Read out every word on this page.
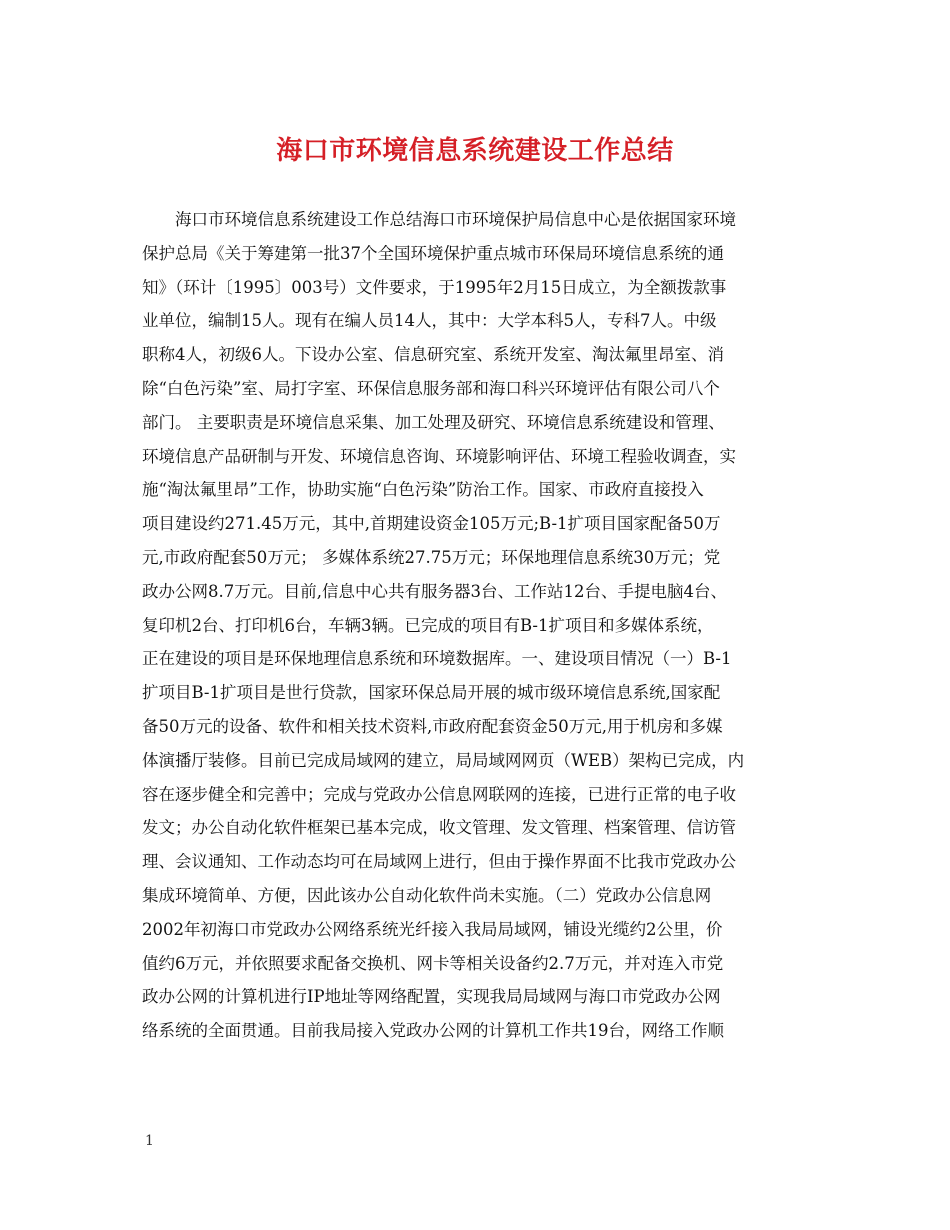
海口市环境信息系统建设工作总结
海口市环境信息系统建设工作总结海口市环境保护局信息中心是依据国家环境
保护总局《关于筹建第一批37个全国环境保护重点城市环保局环境信息系统的通
知》（环计〔1995〕003号）文件要求，于1995年2月15日成立，为全额拨款事
业单位，编制15人。现有在编人员14人，其中：大学本科5人，专科7人。中级
职称4人，初级6人。下设办公室、信息研究室、系统开发室、淘汰氟里昂室、消
除“白色污染”室、局打字室、环保信息服务部和海口科兴环境评估有限公司八个
部门。 主要职责是环境信息采集、加工处理及研究、环境信息系统建设和管理、
环境信息产品研制与开发、环境信息咨询、环境影响评估、环境工程验收调查，实
施“淘汰氟里昂”工作，协助实施“白色污染”防治工作。国家、市政府直接投入
项目建设约271.45万元，其中,首期建设资金105万元;B-1扩项目国家配备50万
元,市政府配套50万元； 多媒体系统27.75万元；环保地理信息系统30万元；党
政办公网8.7万元。目前,信息中心共有服务器3台、工作站12台、手提电脑4台、
复印机2台、打印机6台，车辆3辆。已完成的项目有B-1扩项目和多媒体系统，
正在建设的项目是环保地理信息系统和环境数据库。一、建设项目情况（一）B-1
扩项目B-1扩项目是世行贷款，国家环保总局开展的城市级环境信息系统,国家配
备50万元的设备、软件和相关技术资料,市政府配套资金50万元,用于机房和多媒
体演播厅装修。目前已完成局域网的建立，局局域网网页（WEB）架构已完成，内
容在逐步健全和完善中；完成与党政办公信息网联网的连接，已进行正常的电子收
发文；办公自动化软件框架已基本完成，收文管理、发文管理、档案管理、信访管
理、会议通知、工作动态均可在局域网上进行，但由于操作界面不比我市党政办公
集成环境简单、方便，因此该办公自动化软件尚未实施。（二）党政办公信息网
2002年初海口市党政办公网络系统光纤接入我局局域网，铺设光缆约2公里，价
值约6万元，并依照要求配备交换机、网卡等相关设备约2.7万元，并对连入市党
政办公网的计算机进行IP地址等网络配置，实现我局局域网与海口市党政办公网
络系统的全面贯通。目前我局接入党政办公网的计算机工作共19台，网络工作顺
1
